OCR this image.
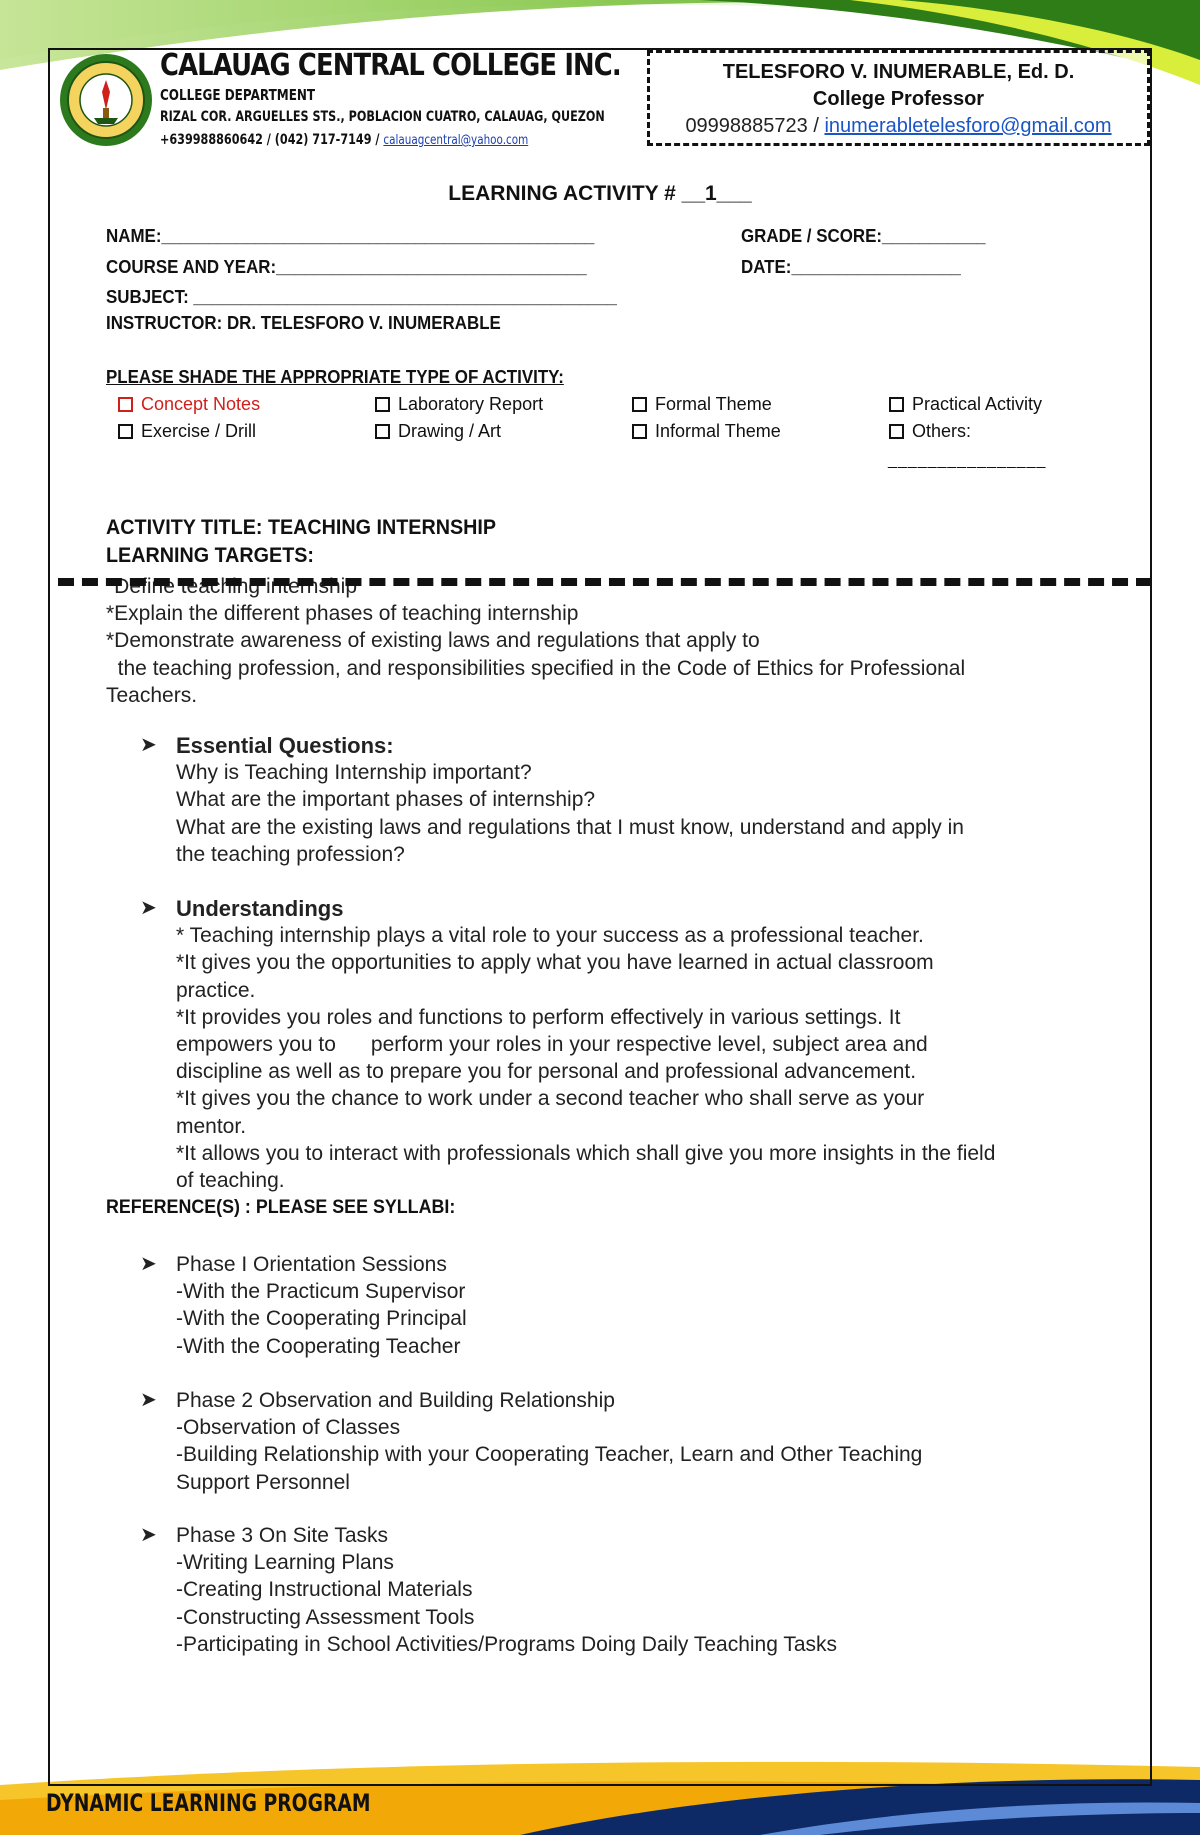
CALAUAG CENTRAL COLLEGE INC.
COLLEGE DEPARTMENT
RIZAL COR. ARGUELLES STS., POBLACION CUATRO, CALAUAG, QUEZON
+639988860642 / (042) 717-7149 / calauagcentral@yahoo.com
TELESFORO V. INUMERABLE, Ed. D.
College Professor
09998885723 / inumerabletelesforo@gmail.com
LEARNING ACTIVITY # __1___
NAME:______________________________________________	GRADE / SCORE:___________
COURSE AND YEAR:_________________________________	DATE:__________________
SUBJECT: _____________________________________________
INSTRUCTOR: DR. TELESFORO V. INUMERABLE
PLEASE SHADE THE APPROPRIATE TYPE OF ACTIVITY:
Concept Notes	Laboratory Report	Formal Theme	Practical Activity
Exercise / Drill	Drawing / Art	Informal Theme	Others:
________________
ACTIVITY TITLE: TEACHING INTERNSHIP
LEARNING TARGETS:
*Define teaching internship
*Explain the different phases of teaching internship
*Demonstrate awareness of existing laws and regulations that apply to
the teaching profession, and responsibilities specified in the Code of Ethics for Professional
Teachers.
➤ Essential Questions:
Why is Teaching Internship important?
What are the important phases of internship?
What are the existing laws and regulations that I must know, understand and apply in
the teaching profession?
➤ Understandings
* Teaching internship plays a vital role to your success as a professional teacher.
*It gives you the opportunities to apply what you have learned in actual classroom
practice.
*It provides you roles and functions to perform effectively in various settings. It
empowers you to      perform your roles in your respective level, subject area and
discipline as well as to prepare you for personal and professional advancement.
*It gives you the chance to work under a second teacher who shall serve as your
mentor.
*It allows you to interact with professionals which shall give you more insights in the field
of teaching.
REFERENCE(S) : PLEASE SEE SYLLABI:
➤ Phase I Orientation Sessions
-With the Practicum Supervisor
-With the Cooperating Principal
-With the Cooperating Teacher
➤ Phase 2 Observation and Building Relationship
-Observation of Classes
-Building Relationship with your Cooperating Teacher, Learn and Other Teaching
Support Personnel
➤ Phase 3 On Site Tasks
-Writing Learning Plans
-Creating Instructional Materials
-Constructing Assessment Tools
-Participating in School Activities/Programs Doing Daily Teaching Tasks
DYNAMIC LEARNING PROGRAM
